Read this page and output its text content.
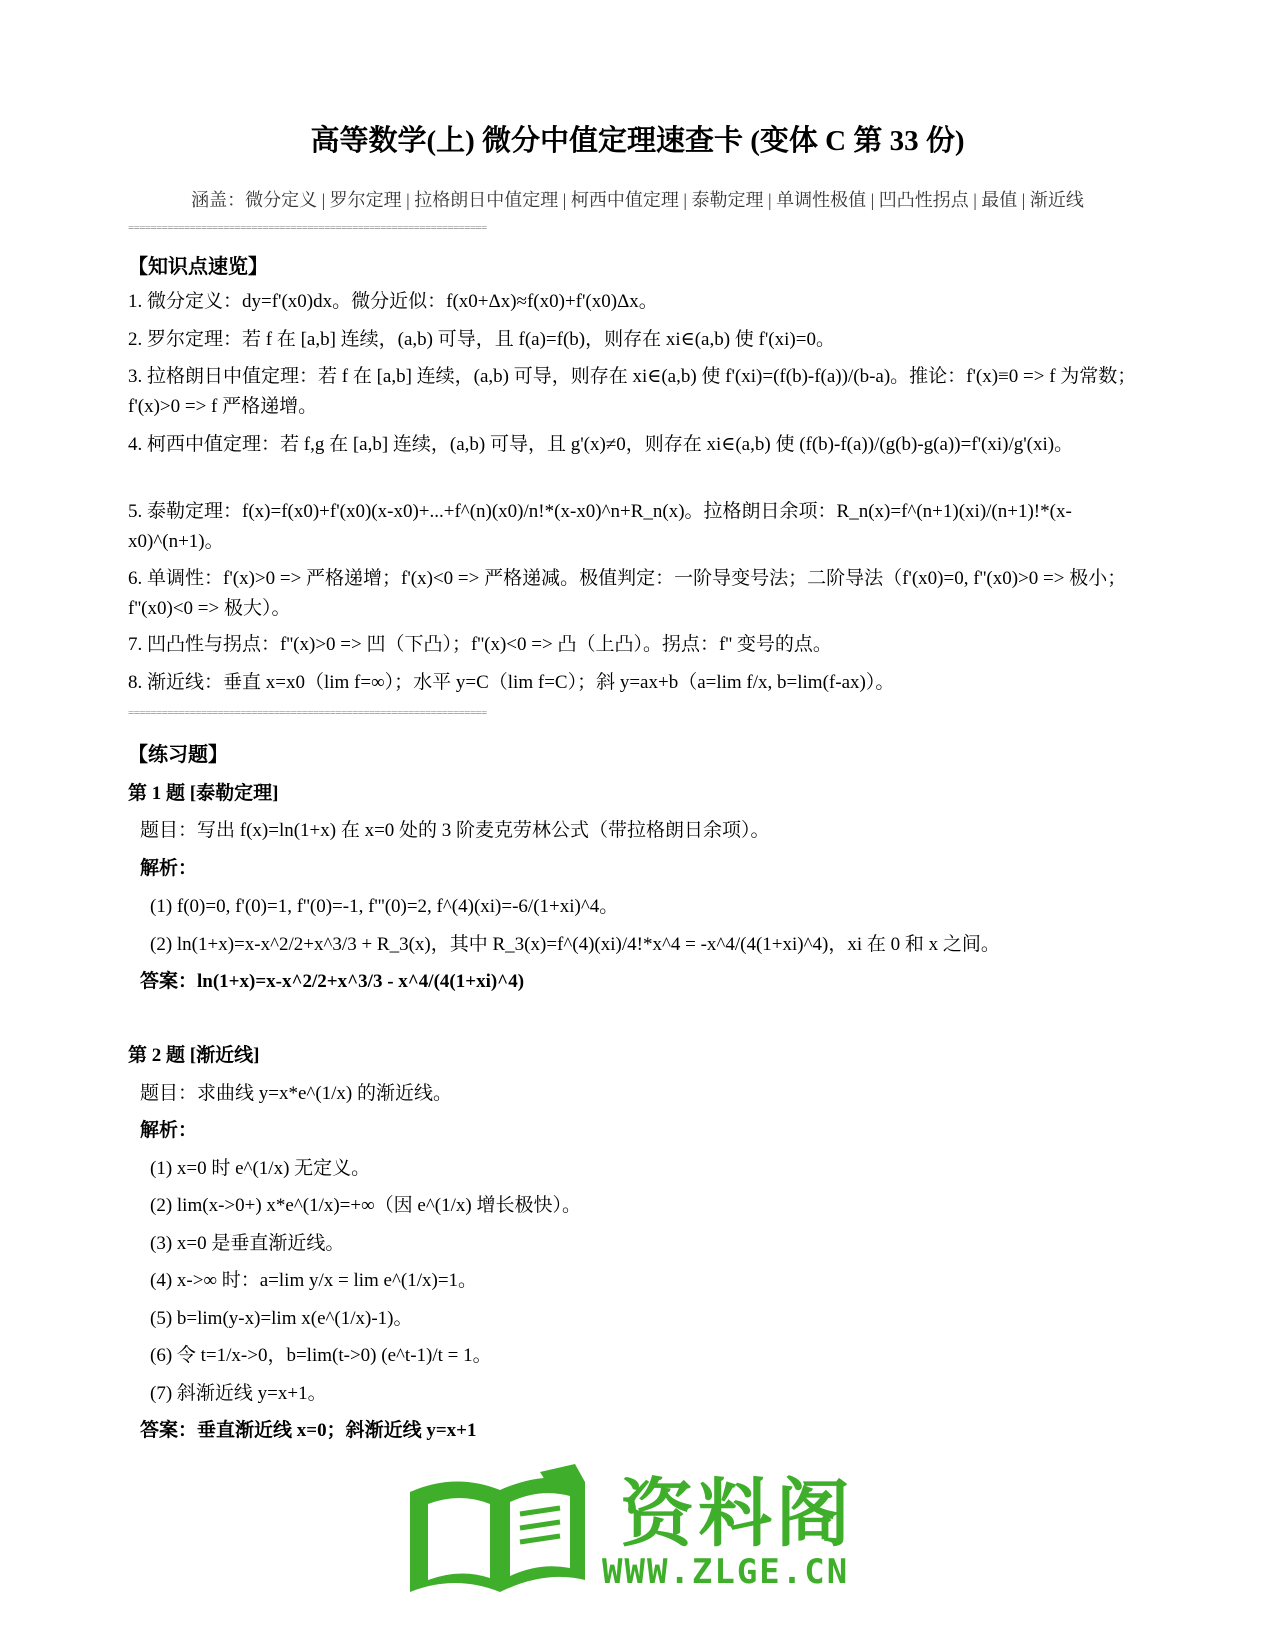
高等数学(上) 微分中值定理速查卡 (变体 C 第 33 份)
涵盖：微分定义 | 罗尔定理 | 拉格朗日中值定理 | 柯西中值定理 | 泰勒定理 | 单调性极值 | 凹凸性拐点 | 最值 | 渐近线
================================================================
【知识点速览】
1. 微分定义：dy=f'(x0)dx。微分近似：f(x0+Δx)≈f(x0)+f'(x0)Δx。
2. 罗尔定理：若 f 在 [a,b] 连续，(a,b) 可导，且 f(a)=f(b)，则存在 xi∈(a,b) 使 f'(xi)=0。
3. 拉格朗日中值定理：若 f 在 [a,b] 连续，(a,b) 可导，则存在 xi∈(a,b) 使 f'(xi)=(f(b)-f(a))/(b-a)。推论：f'(x)≡0 => f 为常数；f'(x)>0 => f 严格递增。
4. 柯西中值定理：若 f,g 在 [a,b] 连续，(a,b) 可导，且 g'(x)≠0，则存在 xi∈(a,b) 使 (f(b)-f(a))/(g(b)-g(a))=f'(xi)/g'(xi)。
5. 泰勒定理：f(x)=f(x0)+f'(x0)(x-x0)+...+f^(n)(x0)/n!*(x-x0)^n+R_n(x)。拉格朗日余项：R_n(x)=f^(n+1)(xi)/(n+1)!*(x-x0)^(n+1)。
6. 单调性：f'(x)>0 => 严格递增；f'(x)<0 => 严格递减。极值判定：一阶导变号法；二阶导法（f'(x0)=0, f''(x0)>0 => 极小；f''(x0)<0 => 极大）。
7. 凹凸性与拐点：f''(x)>0 => 凹（下凸）；f''(x)<0 => 凸（上凸）。拐点：f'' 变号的点。
8. 渐近线：垂直 x=x0（lim f=∞）；水平 y=C（lim f=C）；斜 y=ax+b（a=lim f/x, b=lim(f-ax)）。
================================================================
【练习题】
第 1 题 [泰勒定理]
题目：写出 f(x)=ln(1+x) 在 x=0 处的 3 阶麦克劳林公式（带拉格朗日余项）。
解析：
(1) f(0)=0, f'(0)=1, f''(0)=-1, f'''(0)=2, f^(4)(xi)=-6/(1+xi)^4。
(2) ln(1+x)=x-x^2/2+x^3/3 + R_3(x)，其中 R_3(x)=f^(4)(xi)/4!*x^4 = -x^4/(4(1+xi)^4)，xi 在 0 和 x 之间。
答案：ln(1+x)=x-x^2/2+x^3/3 - x^4/(4(1+xi)^4)
第 2 题 [渐近线]
题目：求曲线 y=x*e^(1/x) 的渐近线。
解析：
(1) x=0 时 e^(1/x) 无定义。
(2) lim(x->0+) x*e^(1/x)=+∞（因 e^(1/x) 增长极快）。
(3) x=0 是垂直渐近线。
(4) x->∞ 时：a=lim y/x = lim e^(1/x)=1。
(5) b=lim(y-x)=lim x(e^(1/x)-1)。
(6) 令 t=1/x->0，b=lim(t->0) (e^t-1)/t = 1。
(7) 斜渐近线 y=x+1。
答案：垂直渐近线 x=0；斜渐近线 y=x+1
资料阁
WWW.ZLGE.CN
